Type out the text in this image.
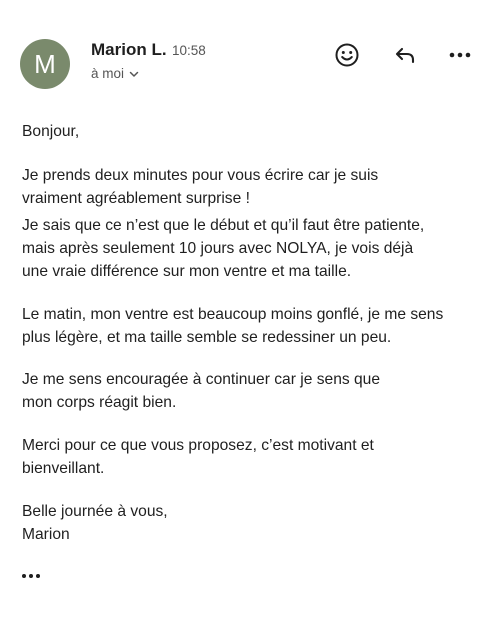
M	Marion L. 10:58
à moi

Bonjour,

Je prends deux minutes pour vous écrire car je suis
vraiment agréablement surprise !

Je sais que ce n’est que le début et qu’il faut être patiente,
mais après seulement 10 jours avec NOLYA, je vois déjà
une vraie différence sur mon ventre et ma taille.

Le matin, mon ventre est beaucoup moins gonflé, je me sens
plus légère, et ma taille semble se redessiner un peu.

Je me sens encouragée à continuer car je sens que
mon corps réagit bien.

Merci pour ce que vous proposez, c’est motivant et
bienveillant.

Belle journée à vous,

Marion
